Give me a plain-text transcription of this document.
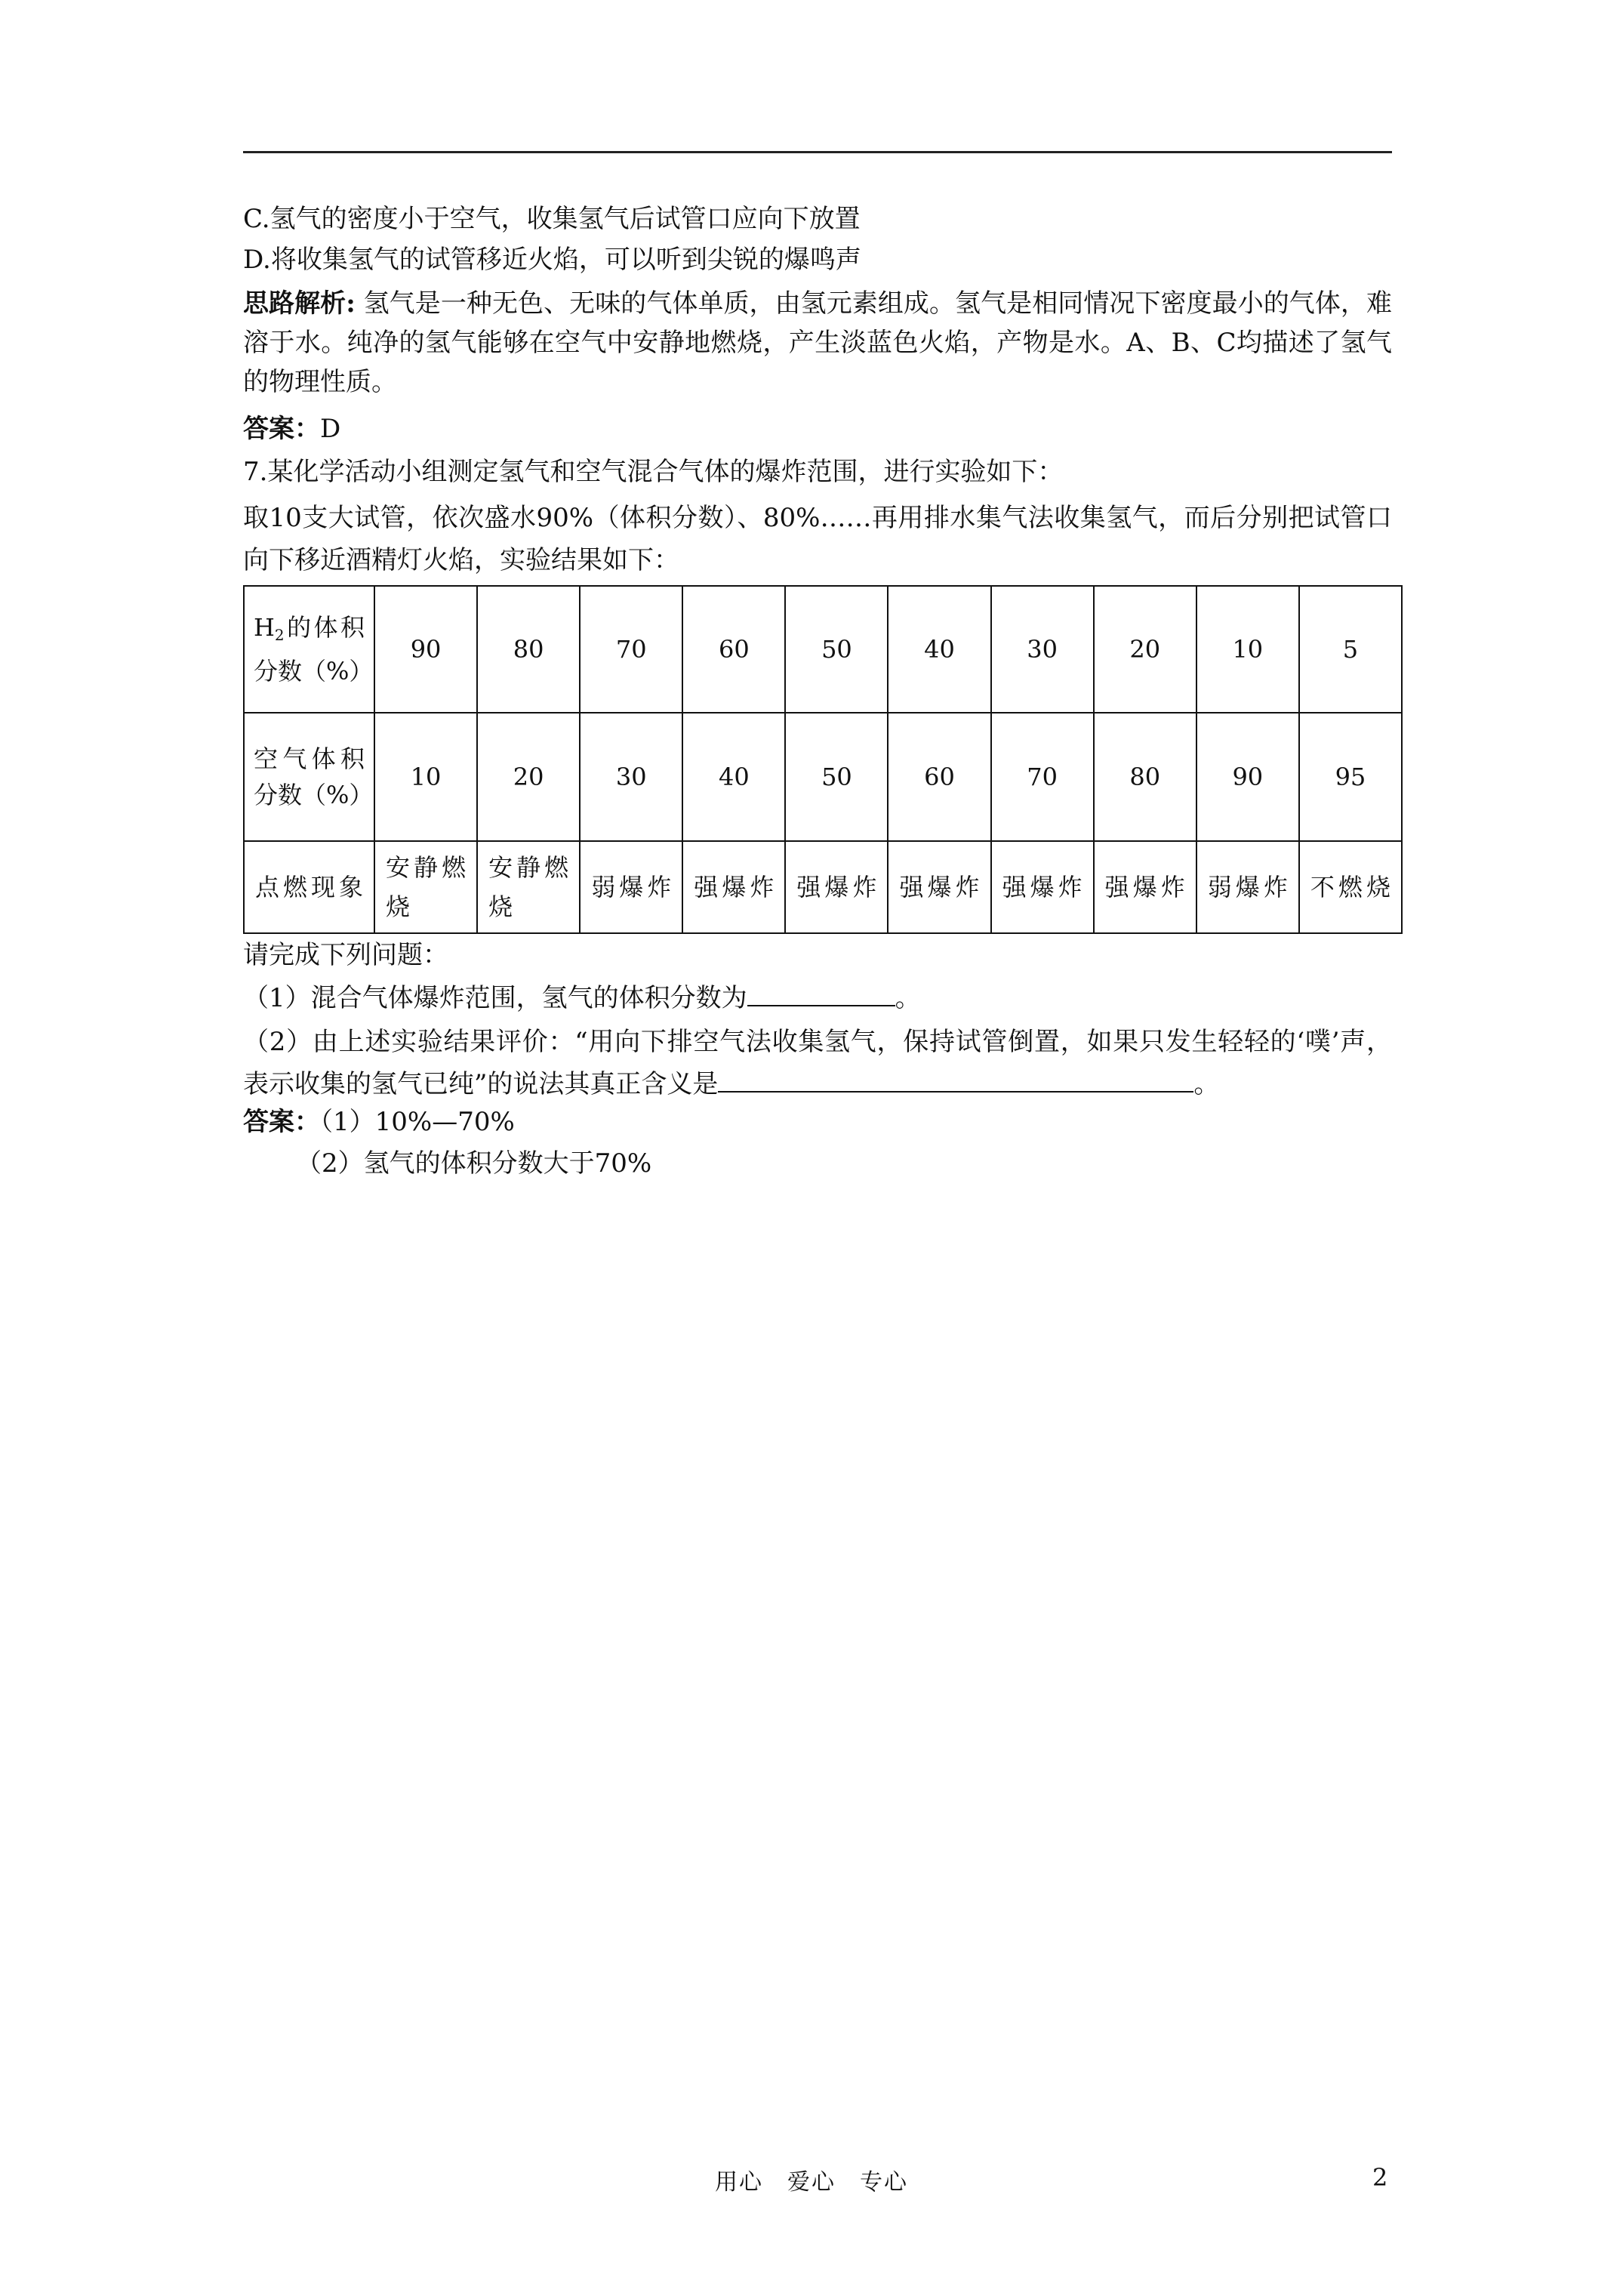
C.氢气的密度小于空气，收集氢气后试管口应向下放置
D.将收集氢气的试管移近火焰，可以听到尖锐的爆鸣声
思路解析: 氢气是一种无色、无味的气体单质，由氢元素组成。氢气是相同情况下密度最小的气体，难溶于水。纯净的氢气能够在空气中安静地燃烧，产生淡蓝色火焰，产物是水。A、B、C均描述了氢气的物理性质。
答案：D
7.某化学活动小组测定氢气和空气混合气体的爆炸范围，进行实验如下：
取10支大试管，依次盛水90%（体积分数）、80%……再用排水集气法收集氢气，而后分别把试管口向下移近酒精灯火焰，实验结果如下：
$H_2$的体积分数（%）	90	80	70	60	50	40	30	20	10	5
空气体积分数（%）	10	20	30	40	50	60	70	80	90	95
点燃现象	安静燃烧	安静燃烧	弱爆炸	强爆炸	强爆炸	强爆炸	强爆炸	强爆炸	弱爆炸	不燃烧
请完成下列问题：
（1）混合气体爆炸范围，氢气的体积分数为	。
（2）由上述实验结果评价：“用向下排空气法收集氢气，保持试管倒置，如果只发生轻轻的‘噗’声，表示收集的氢气已纯”的说法其真正含义是	。
答案：（1）10%—70%
（2）氢气的体积分数大于70%
用心　爱心　专心	2
